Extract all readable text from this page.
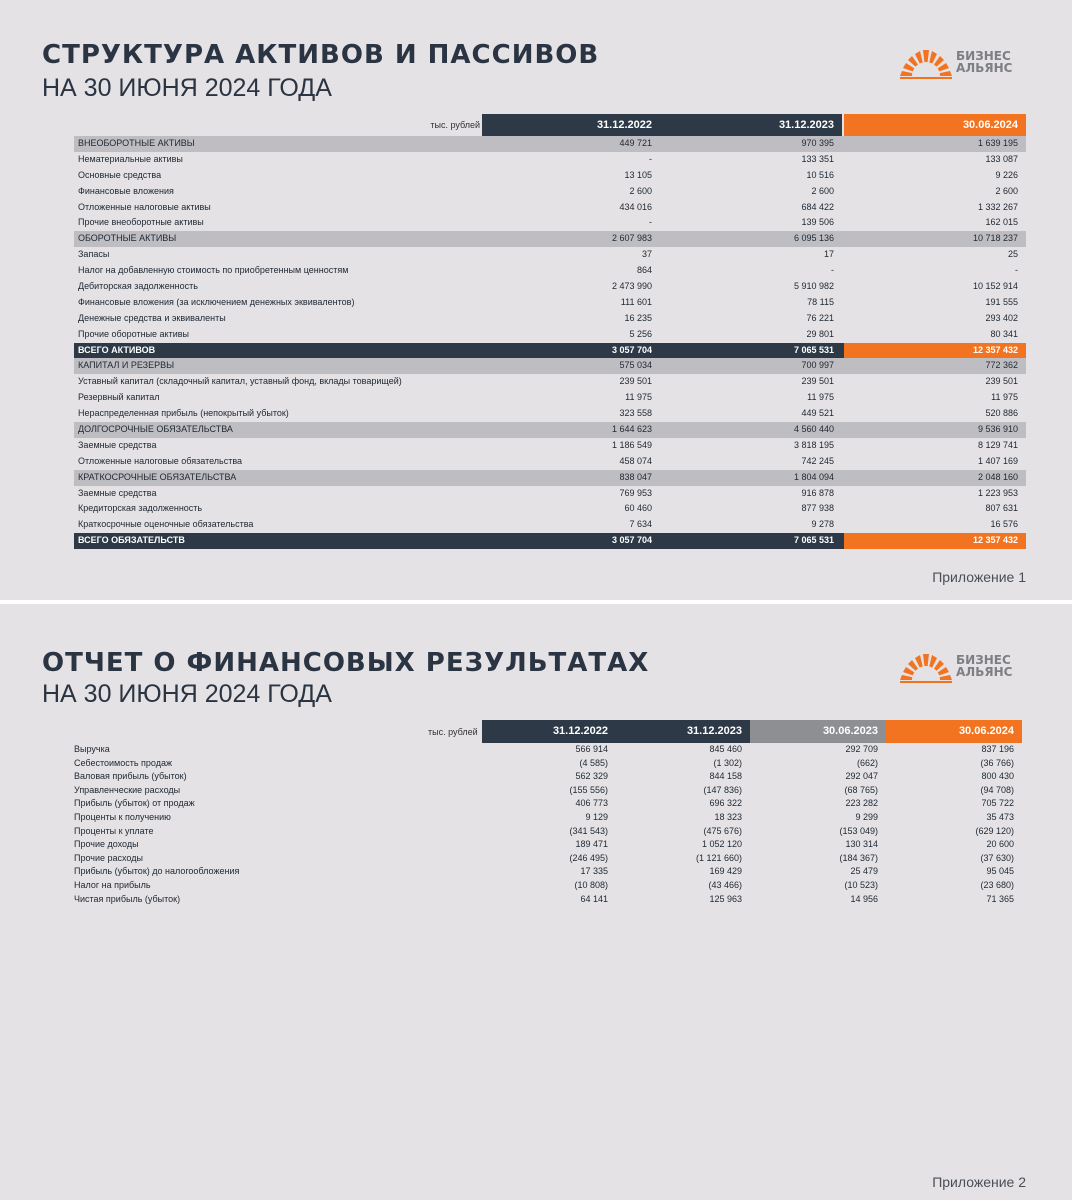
СТРУКТУРА АКТИВОВ И ПАССИВОВ
НА 30 ИЮНЯ 2024 ГОДА
БИЗНЕС
АЛЬЯНС
тыс. рублей	31.12.2022	31.12.2023	30.06.2024
ВНЕОБОРОТНЫЕ АКТИВЫ	449 721	970 395	1 639 195
Нематериальные активы	-	133 351	133 087
Основные средства	13 105	10 516	9 226
Финансовые вложения	2 600	2 600	2 600
Отложенные налоговые активы	434 016	684 422	1 332 267
Прочие внеоборотные активы	-	139 506	162 015
ОБОРОТНЫЕ АКТИВЫ	2 607 983	6 095 136	10 718 237
Запасы	37	17	25
Налог на добавленную стоимость по приобретенным ценностям	864	-	-
Дебиторская задолженность	2 473 990	5 910 982	10 152 914
Финансовые вложения (за исключением денежных эквивалентов)	111 601	78 115	191 555
Денежные средства и эквиваленты	16 235	76 221	293 402
Прочие оборотные активы	5 256	29 801	80 341
ВСЕГО АКТИВОВ	3 057 704	7 065 531	12 357 432
КАПИТАЛ И РЕЗЕРВЫ	575 034	700 997	772 362
Уставный капитал (складочный капитал, уставный фонд, вклады товарищей)	239 501	239 501	239 501
Резервный капитал	11 975	11 975	11 975
Нераспределенная прибыль (непокрытый убыток)	323 558	449 521	520 886
ДОЛГОСРОЧНЫЕ ОБЯЗАТЕЛЬСТВА	1 644 623	4 560 440	9 536 910
Заемные средства	1 186 549	3 818 195	8 129 741
Отложенные налоговые обязательства	458 074	742 245	1 407 169
КРАТКОСРОЧНЫЕ ОБЯЗАТЕЛЬСТВА	838 047	1 804 094	2 048 160
Заемные средства	769 953	916 878	1 223 953
Кредиторская задолженность	60 460	877 938	807 631
Краткосрочные оценочные обязательства	7 634	9 278	16 576
ВСЕГО ОБЯЗАТЕЛЬСТВ	3 057 704	7 065 531	12 357 432
Приложение 1
ОТЧЕТ О ФИНАНСОВЫХ РЕЗУЛЬТАТАХ
НА 30 ИЮНЯ 2024 ГОДА
БИЗНЕС
АЛЬЯНС
Приложение 2
тыс. рублей	31.12.2022	31.12.2023	30.06.2023	30.06.2024
Выручка	566 914	845 460	292 709	837 196
Себестоимость продаж	(4 585)	(1 302)	(662)	(36 766)
Валовая прибыль (убыток)	562 329	844 158	292 047	800 430
Управленческие расходы	(155 556)	(147 836)	(68 765)	(94 708)
Прибыль (убыток) от продаж	406 773	696 322	223 282	705 722
Проценты к получению	9 129	18 323	9 299	35 473
Проценты к уплате	(341 543)	(475 676)	(153 049)	(629 120)
Прочие доходы	189 471	1 052 120	130 314	20 600
Прочие расходы	(246 495)	(1 121 660)	(184 367)	(37 630)
Прибыль (убыток) до налогообложения	17 335	169 429	25 479	95 045
Налог на прибыль	(10 808)	(43 466)	(10 523)	(23 680)
Чистая прибыль (убыток)	64 141	125 963	14 956	71 365
